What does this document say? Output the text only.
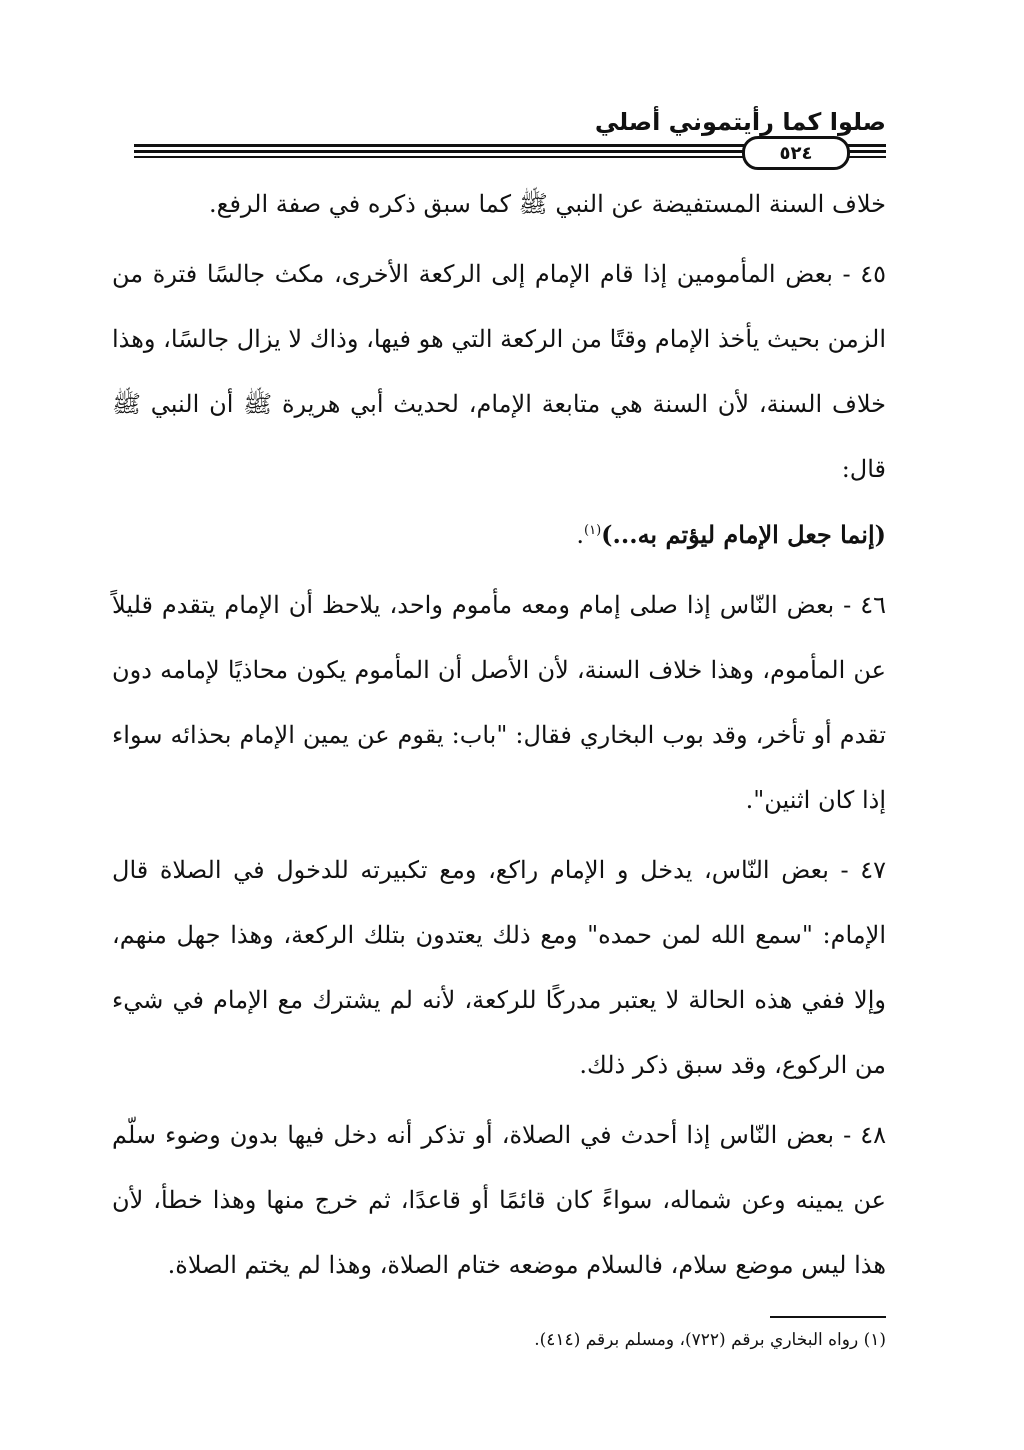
صلوا كما رأيتموني أصلي
٥٢٤

خلاف السنة المستفيضة عن النبي ﷺ كما سبق ذكره في صفة الرفع.

٤٥ - بعض المأمومين إذا قام الإمام إلى الركعة الأخرى، مكث جالسًا فترة من الزمن بحيث يأخذ الإمام وقتًا من الركعة التي هو فيها، وذاك لا يزال جالسًا، وهذا خلاف السنة، لأن السنة هي متابعة الإمام، لحديث أبي هريرة ﷺ أن النبي ﷺ قال:
(إنما جعل الإمام ليؤتم به...)$^{(١)}$.

٤٦ - بعض النّاس إذا صلى إمام ومعه مأموم واحد، يلاحظ أن الإمام يتقدم قليلاً عن المأموم، وهذا خلاف السنة، لأن الأصل أن المأموم يكون محاذيًا لإمامه دون تقدم أو تأخر، وقد بوب البخاري فقال: "باب: يقوم عن يمين الإمام بحذائه سواء إذا كان اثنين".

٤٧ - بعض النّاس، يدخل و الإمام راكع، ومع تكبيرته للدخول في الصلاة قال الإمام: "سمع الله لمن حمده" ومع ذلك يعتدون بتلك الركعة، وهذا جهل منهم، وإلا ففي هذه الحالة لا يعتبر مدركًا للركعة، لأنه لم يشترك مع الإمام في شيء من الركوع، وقد سبق ذكر ذلك.

٤٨ - بعض النّاس إذا أحدث في الصلاة، أو تذكر أنه دخل فيها بدون وضوء سلّم عن يمينه وعن شماله، سواءً كان قائمًا أو قاعدًا، ثم خرج منها وهذا خطأ، لأن هذا ليس موضع سلام، فالسلام موضعه ختام الصلاة، وهذا لم يختم الصلاة.

(١) رواه البخاري برقم (٧٢٢)، ومسلم برقم (٤١٤).
